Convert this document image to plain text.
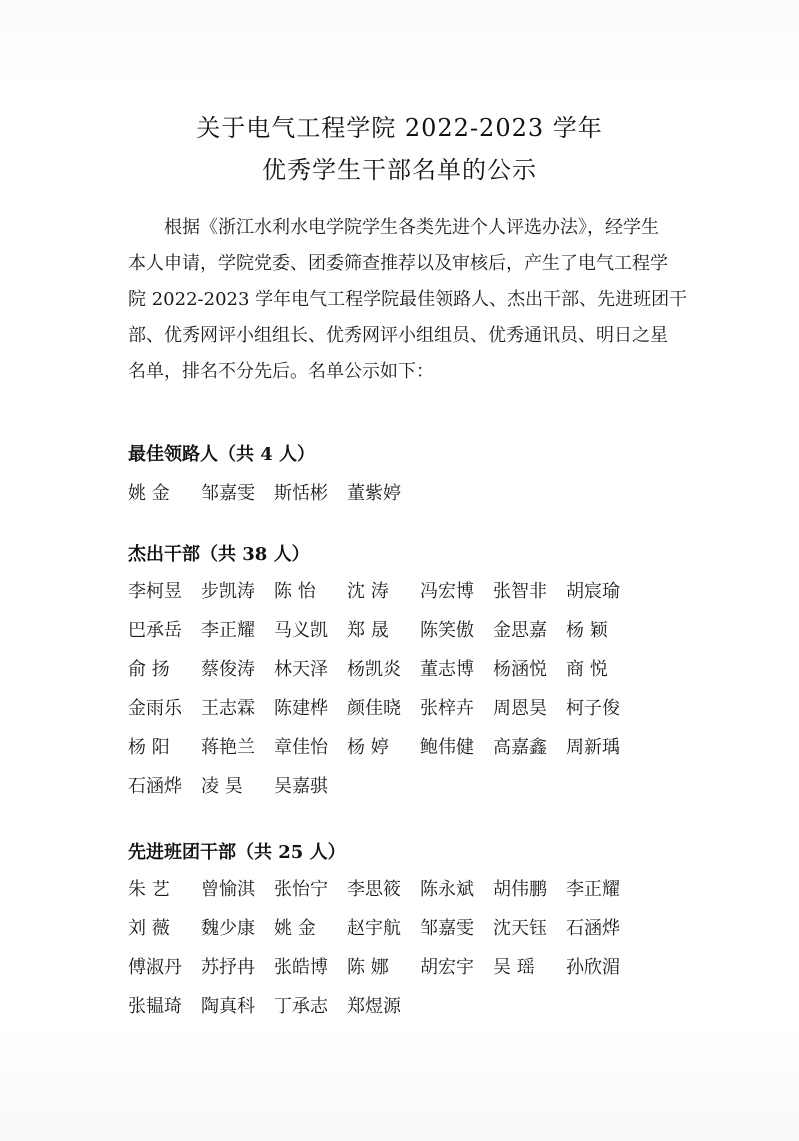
关于电气工程学院 2022-2023 学年
优秀学生干部名单的公示
根据《浙江水利水电学院学生各类先进个人评选办法》，经学生
本人申请，学院党委、团委筛查推荐以及审核后，产生了电气工程学
院 2022-2023 学年电气工程学院最佳领路人、杰出干部、先进班团干
部、优秀网评小组组长、优秀网评小组组员、优秀通讯员、明日之星
名单，排名不分先后。名单公示如下：
最佳领路人（共 4 人）
姚 金	邹嘉雯	斯恬彬	董紫婷
杰出干部（共 38 人）
李柯昱	步凯涛	陈 怡	沈 涛	冯宏博	张智非	胡宸瑜
巴承岳	李正耀	马义凯	郑 晟	陈笑傲	金思嘉	杨 颖
俞 扬	蔡俊涛	林天泽	杨凯炎	董志博	杨涵悦	商 悦
金雨乐	王志霖	陈建桦	颜佳晓	张梓卉	周恩昊	柯子俊
杨 阳	蒋艳兰	章佳怡	杨 婷	鲍伟健	高嘉鑫	周新瑀
石涵烨	凌 昊	吴嘉骐
先进班团干部（共 25 人）
朱 艺	曾愉淇	张怡宁	李思筱	陈永斌	胡伟鹏	李正耀
刘 薇	魏少康	姚 金	赵宇航	邹嘉雯	沈天钰	石涵烨
傅淑丹	苏抒冉	张皓博	陈 娜	胡宏宇	吴 瑶	孙欣湄
张韫琦	陶真科	丁承志	郑煜源
